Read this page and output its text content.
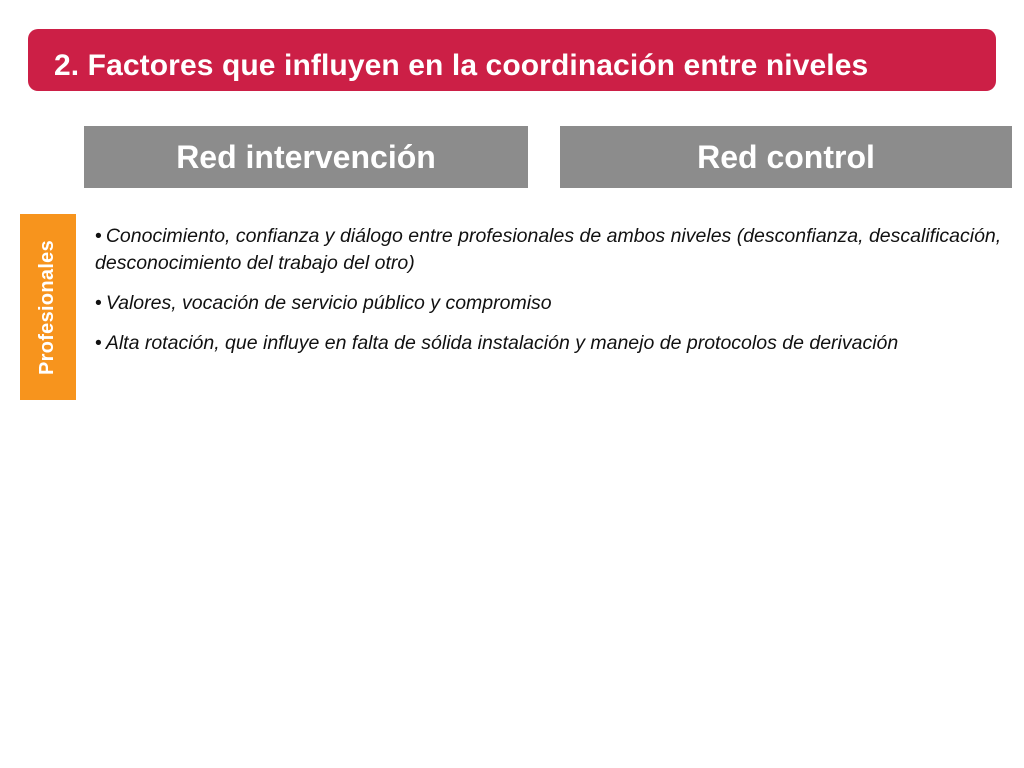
2. Factores que influyen en la coordinación entre niveles
Red intervención	Red control
Profesionales
• Conocimiento, confianza y diálogo entre profesionales de ambos niveles (desconfianza, descalificación, desconocimiento del trabajo del otro)
• Valores, vocación de servicio público y compromiso
• Alta rotación, que influye en falta de sólida instalación y manejo de protocolos de derivación
